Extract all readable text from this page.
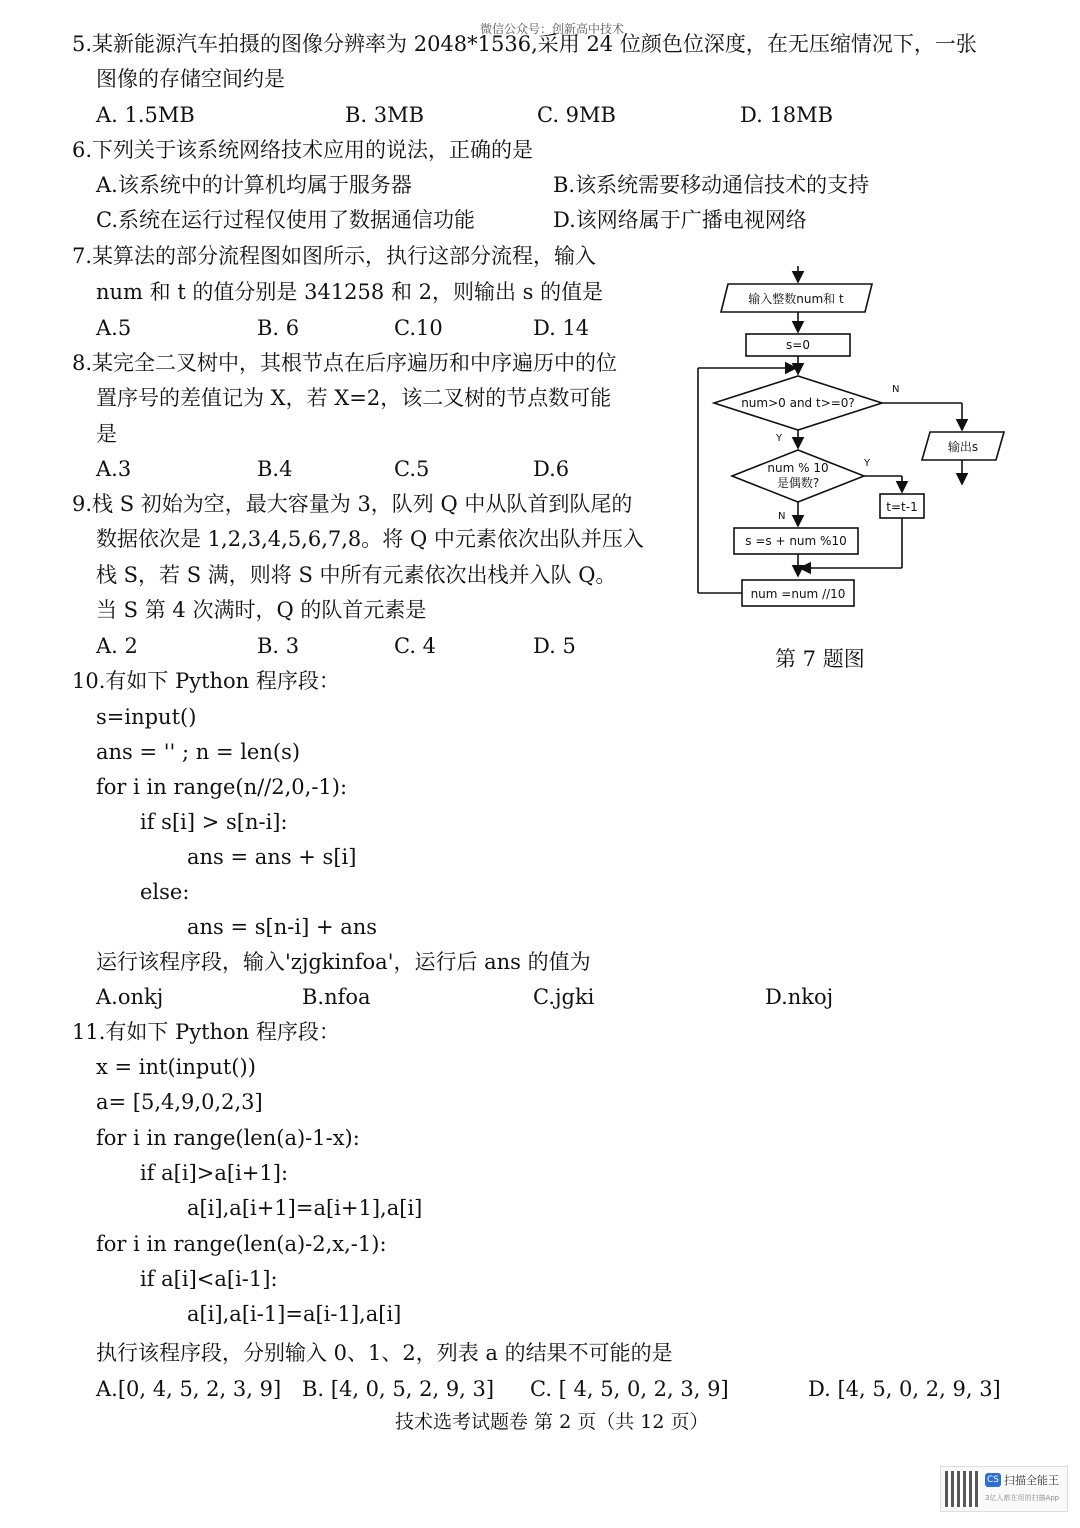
微信公众号：创新高中技术
5.某新能源汽车拍摄的图像分辨率为 2048*1536,采用 24 位颜色位深度，在无压缩情况下，一张
图像的存储空间约是
A. 1.5MB	B. 3MB	C. 9MB	D. 18MB
6.下列关于该系统网络技术应用的说法，正确的是
A.该系统中的计算机均属于服务器	B.该系统需要移动通信技术的支持
C.系统在运行过程仅使用了数据通信功能	D.该网络属于广播电视网络
7.某算法的部分流程图如图所示，执行这部分流程，输入
num 和 t 的值分别是 341258 和 2，则输出 s 的值是
A.5	B. 6	C.10	D. 14
8.某完全二叉树中，其根节点在后序遍历和中序遍历中的位
置序号的差值记为 X，若 X=2，该二叉树的节点数可能
是
A.3	B.4	C.5	D.6
9.栈 S 初始为空，最大容量为 3，队列 Q 中从队首到队尾的
数据依次是 1,2,3,4,5,6,7,8。将 Q 中元素依次出队并压入
栈 S，若 S 满，则将 S 中所有元素依次出栈并入队 Q。
当 S 第 4 次满时，Q 的队首元素是
A. 2	B. 3	C. 4	D. 5
10.有如下 Python 程序段：
s=input()
ans = '' ; n = len(s)
for i in range(n//2,0,-1):
if s[i] > s[n-i]:
ans = ans + s[i]
else:
ans = s[n-i] + ans
运行该程序段，输入'zjgkinfoa'，运行后 ans 的值为
A.onkj	B.nfoa	C.jgki	D.nkoj
11.有如下 Python 程序段：
x = int(input())
a= [5,4,9,0,2,3]
for i in range(len(a)-1-x):
if a[i]>a[i+1]:
a[i],a[i+1]=a[i+1],a[i]
for i in range(len(a)-2,x,-1):
if a[i]<a[i-1]:
a[i],a[i-1]=a[i-1],a[i]
执行该程序段，分别输入 0、1、2，列表 a 的结果不可能的是
A.[0, 4, 5, 2, 3, 9] B. [4, 0, 5, 2, 9, 3] C. [ 4, 5, 0, 2, 3, 9]	D. [4, 5, 0, 2, 9, 3]
输入整数num和 t
s=0
num>0 and t>=0?
N
输出s
Y
num % 10
是偶数?
Y
t=t-1
N
s =s + num %10
num =num //10
第 7 题图
技术选考试题卷 第 2 页（共 12 页）
CS 扫描全能王
3亿人都在用的扫描App
